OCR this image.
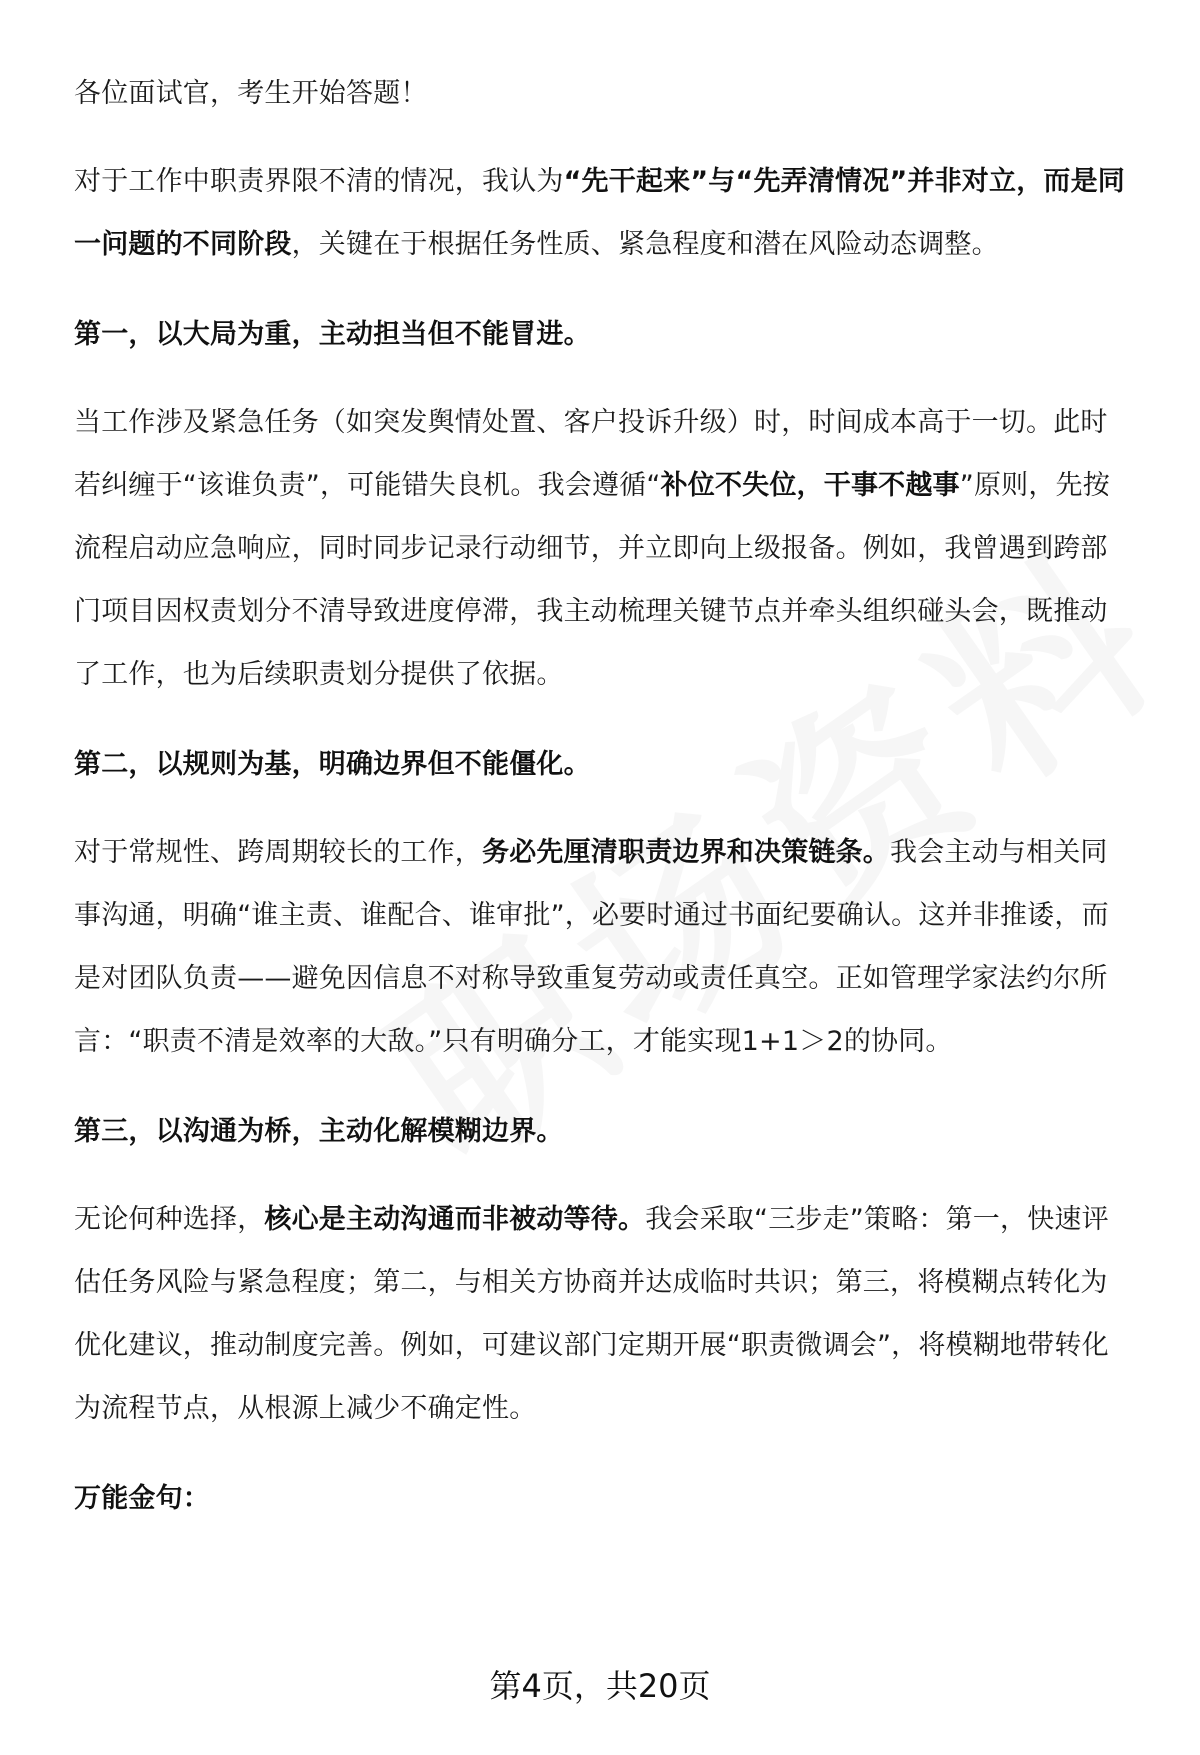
各位面试官，考生开始答题！

对于工作中职责界限不清的情况，我认为“先干起来”与“先弄清情况”并非对立，而是同一问题的不同阶段，关键在于根据任务性质、紧急程度和潜在风险动态调整。

第一，以大局为重，主动担当但不能冒进。

当工作涉及紧急任务（如突发舆情处置、客户投诉升级）时，时间成本高于一切。此时若纠缠于“该谁负责”，可能错失良机。我会遵循“补位不失位，干事不越事”原则，先按流程启动应急响应，同时同步记录行动细节，并立即向上级报备。例如，我曾遇到跨部门项目因权责划分不清导致进度停滞，我主动梳理关键节点并牵头组织碰头会，既推动了工作，也为后续职责划分提供了依据。

第二，以规则为基，明确边界但不能僵化。

对于常规性、跨周期较长的工作，务必先厘清职责边界和决策链条。我会主动与相关同事沟通，明确“谁主责、谁配合、谁审批”，必要时通过书面纪要确认。这并非推诿，而是对团队负责——避免因信息不对称导致重复劳动或责任真空。正如管理学家法约尔所言：“职责不清是效率的大敌。”只有明确分工，才能实现1+1＞2的协同。

第三，以沟通为桥，主动化解模糊边界。

无论何种选择，核心是主动沟通而非被动等待。我会采取“三步走”策略：第一，快速评估任务风险与紧急程度；第二，与相关方协商并达成临时共识；第三，将模糊点转化为优化建议，推动制度完善。例如，可建议部门定期开展“职责微调会”，将模糊地带转化为流程节点，从根源上减少不确定性。

万能金句：

第4页，共20页
